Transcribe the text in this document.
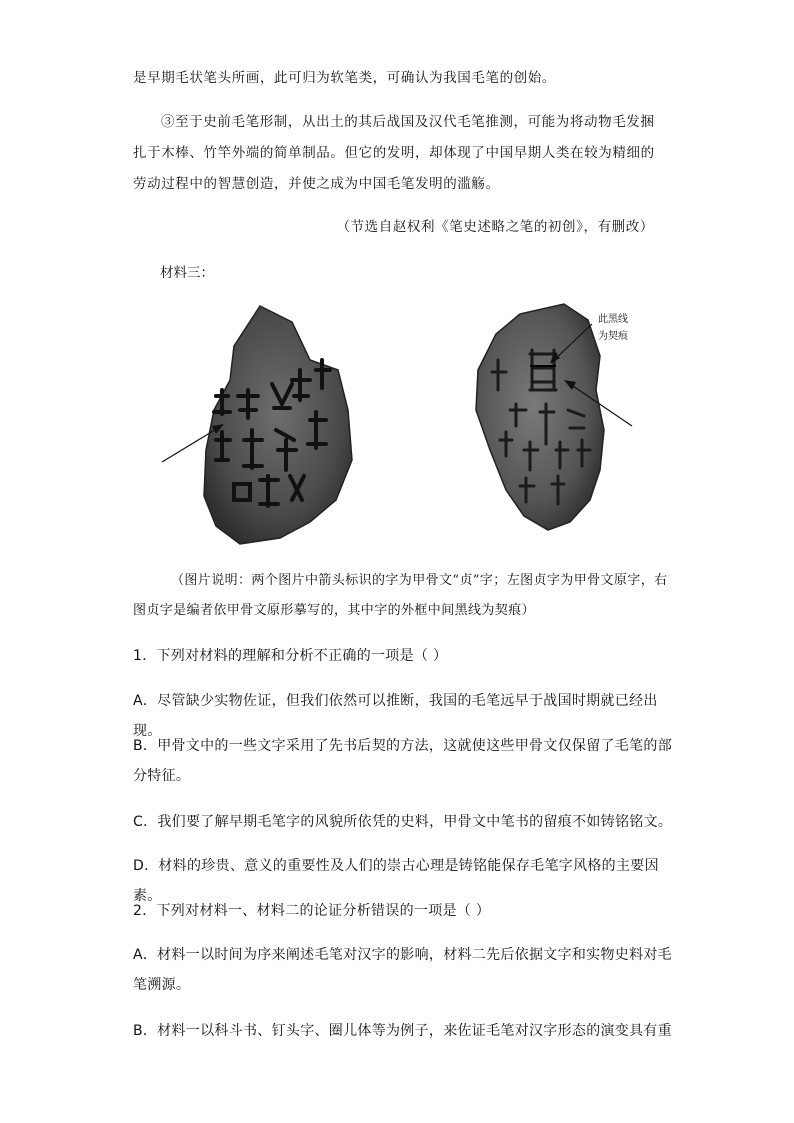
是早期毛状笔头所画，此可归为软笔类，可确认为我国毛笔的创始。
③至于史前毛笔形制，从出土的其后战国及汉代毛笔推测，可能为将动物毛发捆扎于木棒、竹竿外端的简单制品。但它的发明，却体现了中国早期人类在较为精细的劳动过程中的智慧创造，并使之成为中国毛笔发明的滥觞。
（节选自赵权利《笔史述略之笔的初创》，有删改）
材料三：
此黑线
为契痕
（图片说明：两个图片中箭头标识的字为甲骨文“贞”字；左图贞字为甲骨文原字，右图贞字是编者依甲骨文原形摹写的，其中字的外框中间黑线为契痕）
1．下列对材料的理解和分析不正确的一项是（ ）
A．尽管缺少实物佐证，但我们依然可以推断，我国的毛笔远早于战国时期就已经出现。
B．甲骨文中的一些文字采用了先书后契的方法，这就使这些甲骨文仅保留了毛笔的部分特征。
C．我们要了解早期毛笔字的风貌所依凭的史料，甲骨文中笔书的留痕不如铸铭铭文。
D．材料的珍贵、意义的重要性及人们的崇古心理是铸铭能保存毛笔字风格的主要因素。
2．下列对材料一、材料二的论证分析错误的一项是（ ）
A．材料一以时间为序来阐述毛笔对汉字的影响，材料二先后依据文字和实物史料对毛笔溯源。
B．材料一以科斗书、钉头字、圈儿体等为例子，来佐证毛笔对汉字形态的演变具有重
